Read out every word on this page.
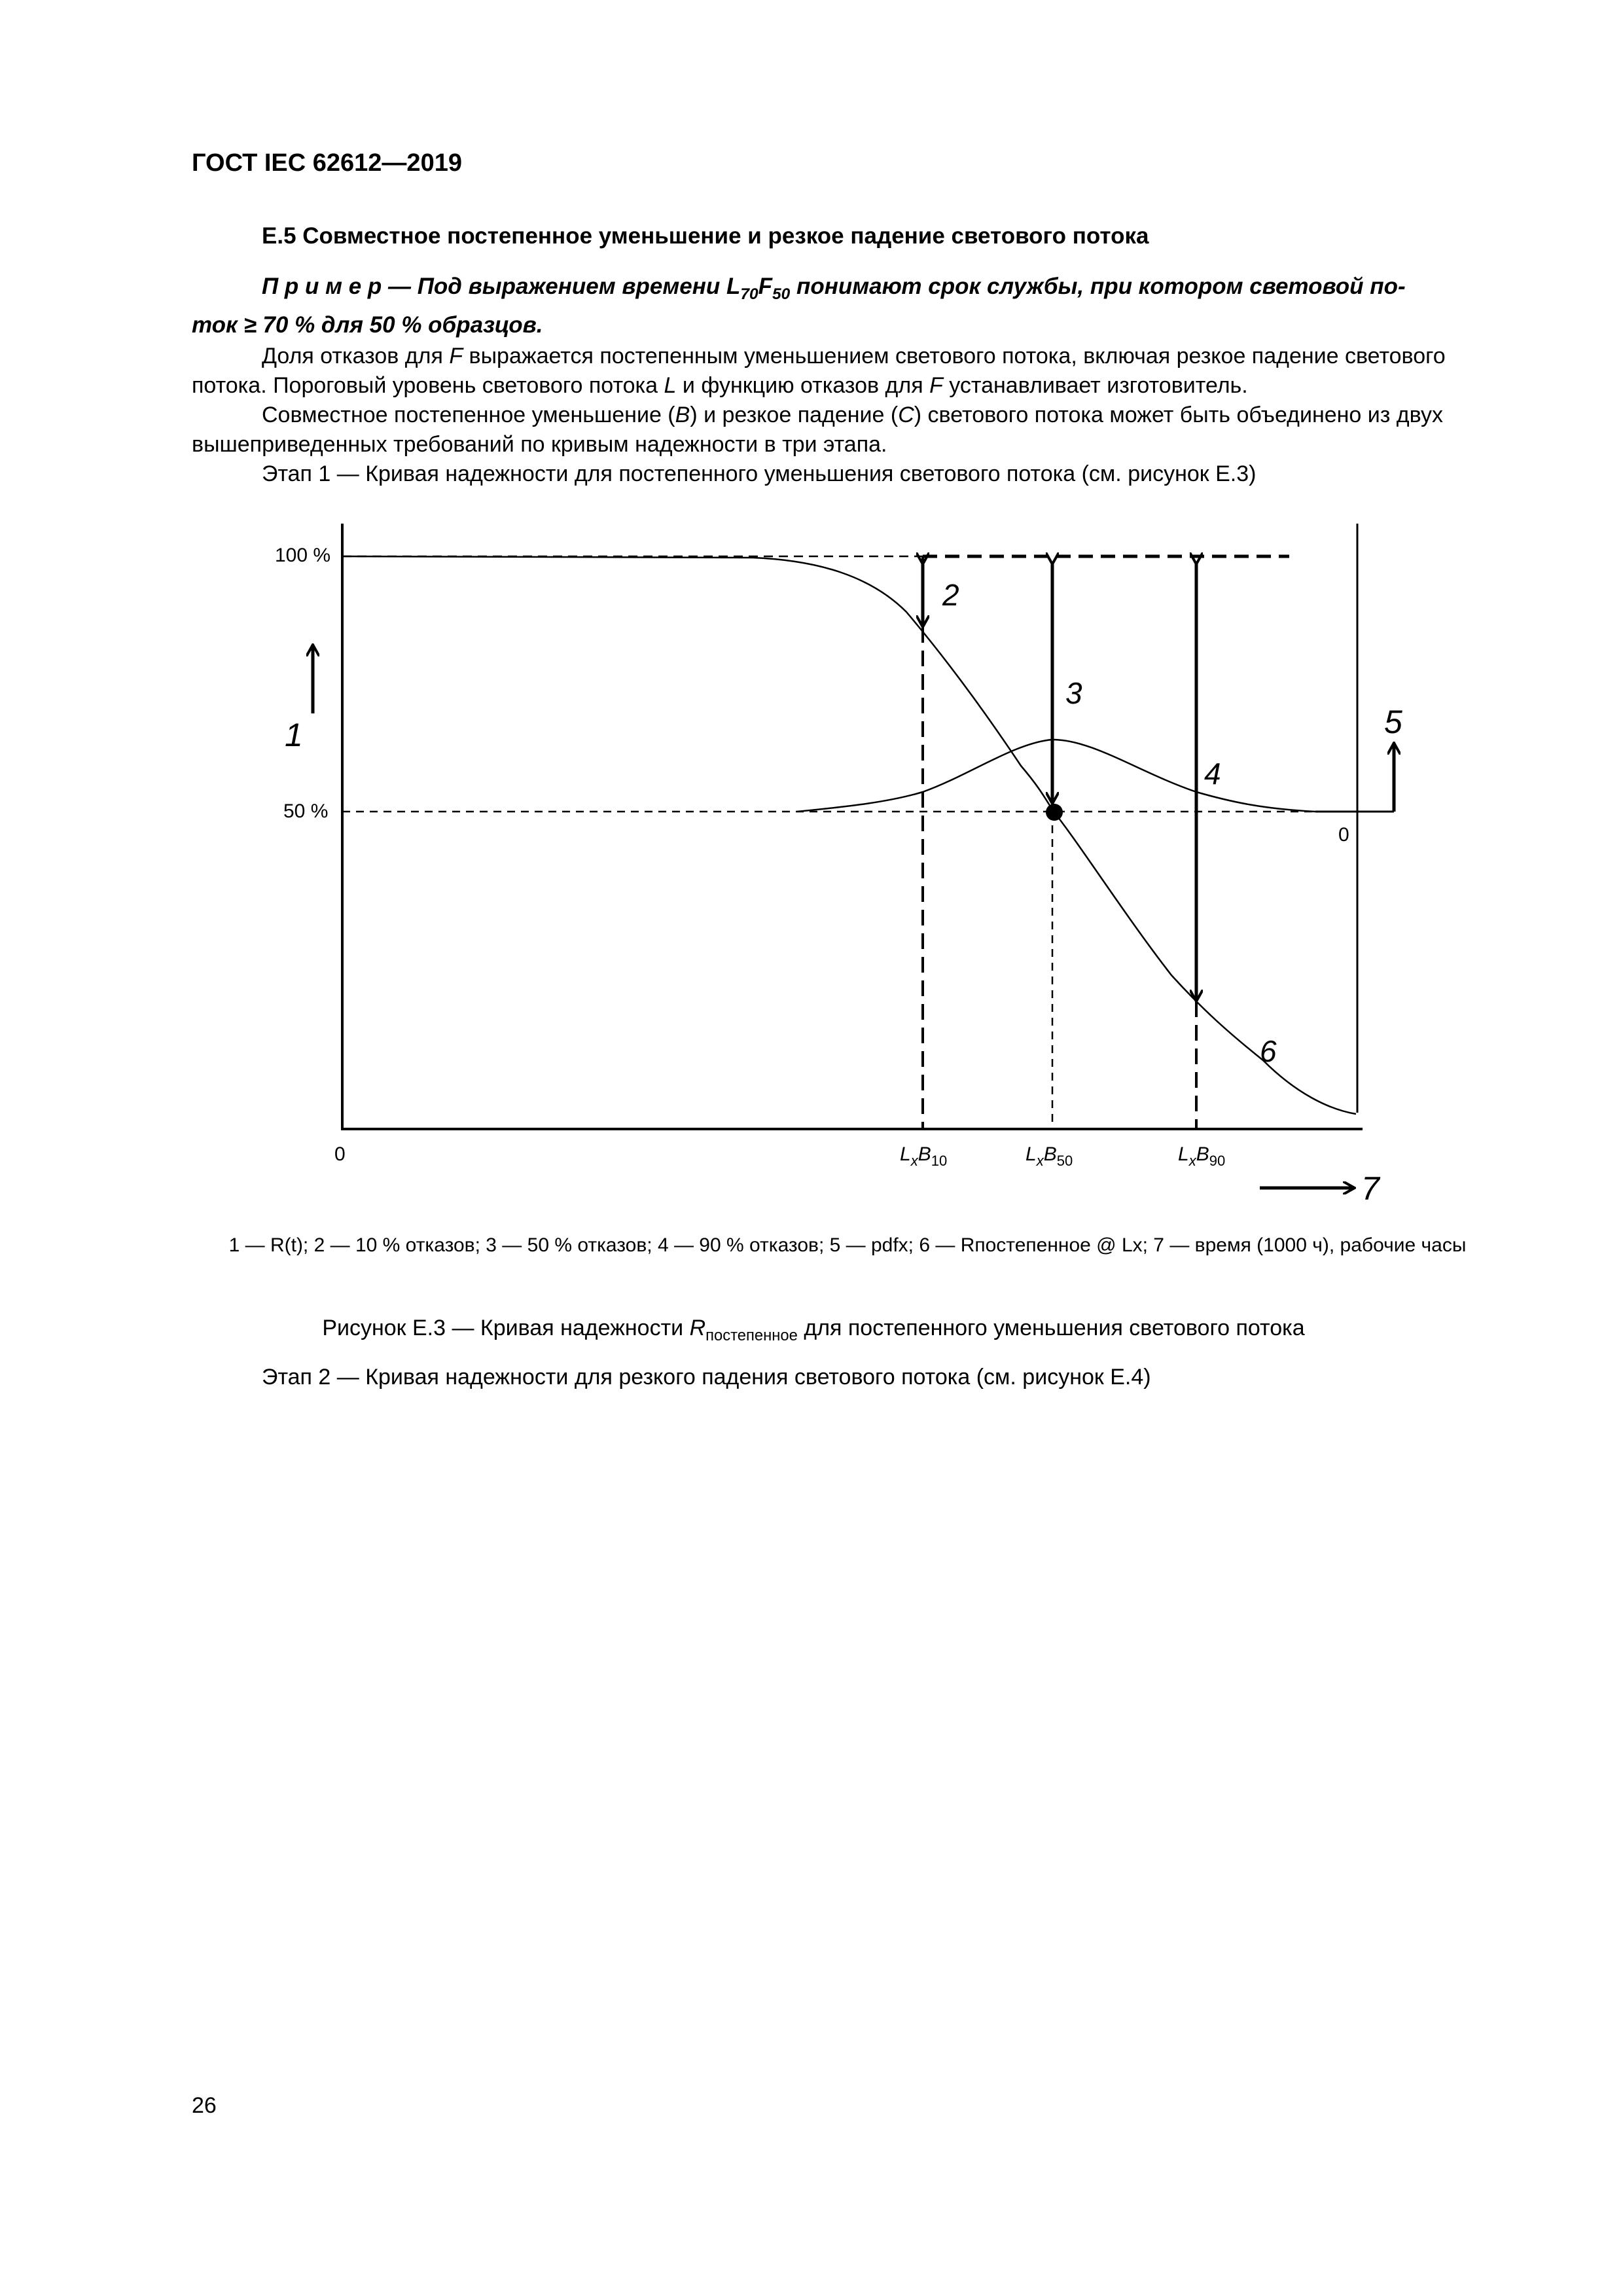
ГОСТ IEC 62612—2019
E.5 Совместное постепенное уменьшение и резкое падение светового потока
П р и м е р — Под выражением времени $L_{70}F_{50}$ понимают срок службы, при котором световой по-
ток ≥ 70 % для 50 % образцов.
Доля отказов для F выражается постепенным уменьшением светового потока, включая резкое падение светового потока. Пороговый уровень светового потока L и функцию отказов для F устанавливает изготовитель.
Совместное постепенное уменьшение (B) и резкое падение (C) светового потока может быть объединено из двух вышеприведенных требований по кривым надежности в три этапа.
Этап 1 — Кривая надежности для постепенного уменьшения светового потока (см. рисунок Е.3)
100 %
50 %
0
0
$L_xB_{10}$	$L_xB_{50}$	$L_xB_{90}$
1
2
3
4
5
6
7
1 — R(t); 2 — 10 % отказов; 3 — 50 % отказов; 4 — 90 % отказов; 5 — pdfx; 6 — Rпостепенное @ Lx; 7 — время (1000 ч), рабочие часы
Рисунок Е.3 — Кривая надежности $R_{постепенное}$ для постепенного уменьшения светового потока
Этап 2 — Кривая надежности для резкого падения светового потока (см. рисунок Е.4)
26
